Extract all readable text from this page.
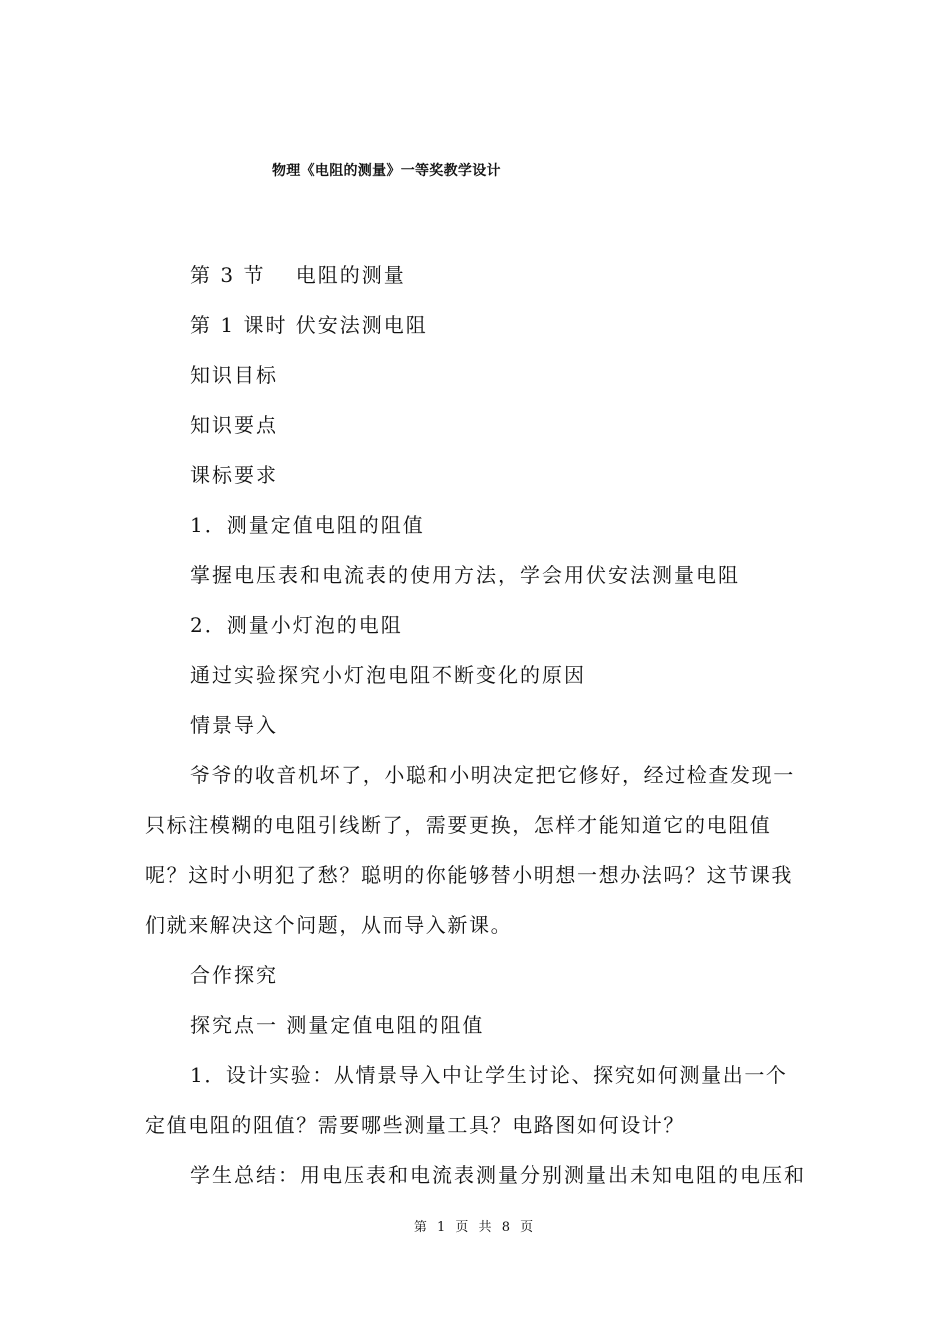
物理《电阻的测量》一等奖教学设计

第 3 节　 电阻的测量

第 1 课时 伏安法测电阻

知识目标

知识要点

课标要求

1．测量定值电阻的阻值

掌握电压表和电流表的使用方法，学会用伏安法测量电阻

2．测量小灯泡的电阻

通过实验探究小灯泡电阻不断变化的原因

情景导入

爷爷的收音机坏了，小聪和小明决定把它修好，经过检查发现一只标注模糊的电阻引线断了，需要更换，怎样才能知道它的电阻值呢？这时小明犯了愁？聪明的你能够替小明想一想办法吗？这节课我们就来解决这个问题，从而导入新课。

合作探究

探究点一 测量定值电阻的阻值

1．设计实验：从情景导入中让学生讨论、探究如何测量出一个定值电阻的阻值？需要哪些测量工具？电路图如何设计？

学生总结：用电压表和电流表测量分别测量出未知电阻的电压和

第 1 页 共 8 页
